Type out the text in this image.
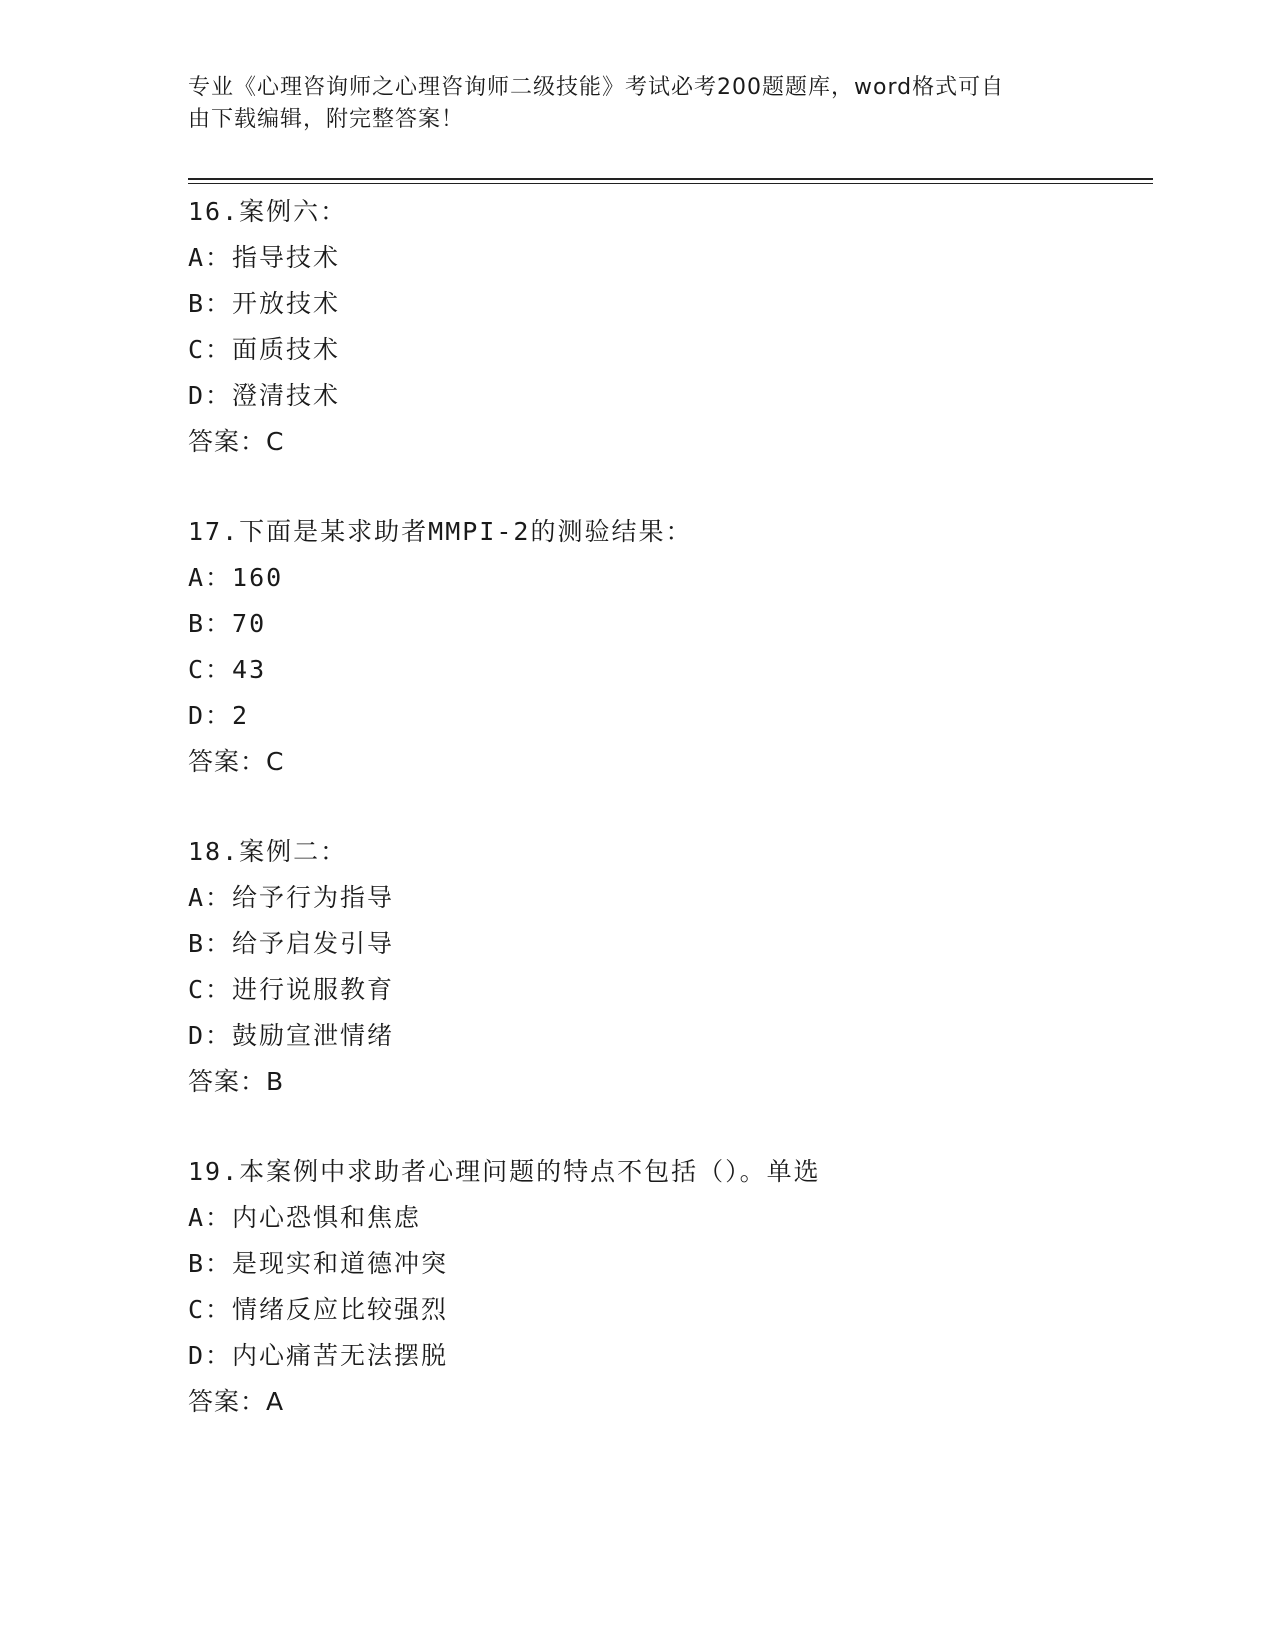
专业《心理咨询师之心理咨询师二级技能》考试必考200题题库，word格式可自
由下载编辑，附完整答案！
16.案例六：
A：指导技术
B：开放技术
C：面质技术
D：澄清技术
答案：C
17.下面是某求助者MMPI-2的测验结果：
A：160
B：70
C：43
D：2
答案：C
18.案例二：
A：给予行为指导
B：给予启发引导
C：进行说服教育
D：鼓励宣泄情绪
答案：B
19.本案例中求助者心理问题的特点不包括（）。单选
A：内心恐惧和焦虑
B：是现实和道德冲突
C：情绪反应比较强烈
D：内心痛苦无法摆脱
答案：A
